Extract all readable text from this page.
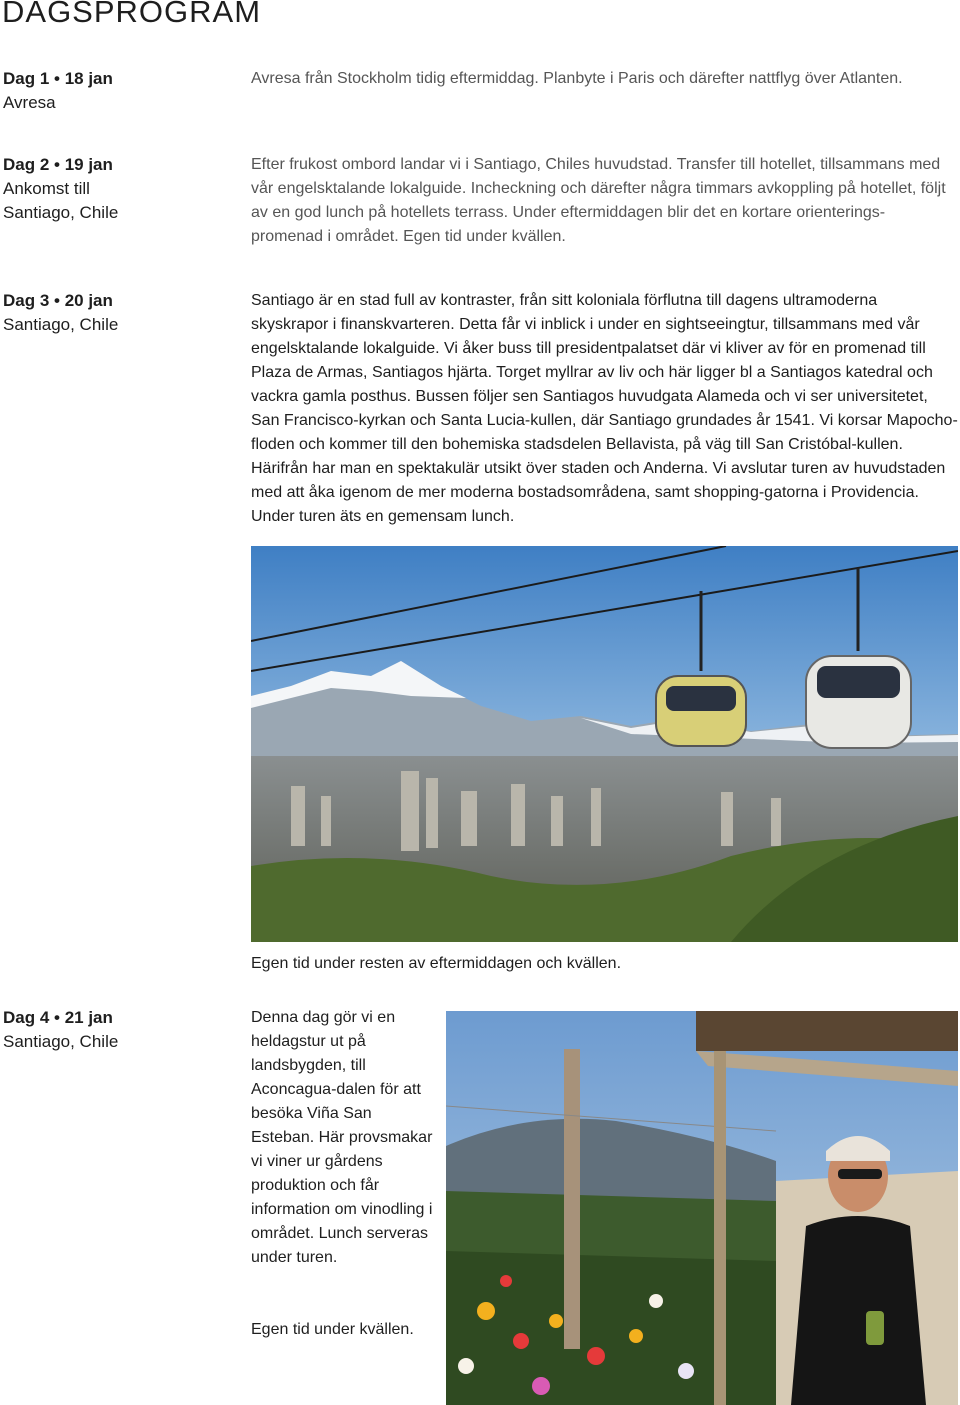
DAGSPROGRAM
Dag 1 • 18 jan
Avresa

Avresa från Stockholm tidig eftermiddag. Planbyte i Paris och därefter nattflyg över Atlanten.

Dag 2 • 19 jan
Ankomst till
Santiago, Chile

Efter frukost ombord landar vi i Santiago, Chiles huvudstad. Transfer till hotellet, tillsammans med vår engelsktalande lokalguide. Incheckning och därefter några timmars avkoppling på hotellet, följt av en god lunch på hotellets terrass. Under eftermiddagen blir det en kortare orienterings-promenad i området. Egen tid under kvällen.

Dag 3 • 20 jan
Santiago, Chile

Santiago är en stad full av kontraster, från sitt koloniala förflutna till dagens ultramoderna skyskrapor i finanskvarteren. Detta får vi inblick i under en sightseeingtur, tillsammans med vår engelsktalande lokalguide. Vi åker buss till presidentpalatset där vi kliver av för en promenad till Plaza de Armas, Santiagos hjärta. Torget myllrar av liv och här ligger bl a Santiagos katedral och vackra gamla posthus. Bussen följer sen Santiagos huvudgata Alameda och vi ser universitetet, San Francisco-kyrkan och Santa Lucia-kullen, där Santiago grundades år 1541. Vi korsar Mapocho-floden och kommer till den bohemiska stadsdelen Bellavista, på väg till San Cristóbal-kullen. Härifrån har man en spektakulär utsikt över staden och Anderna. Vi avslutar turen av huvudstaden med att åka igenom de mer moderna bostadsområdena, samt shopping-gatorna i Providencia. Under turen äts en gemensam lunch.

Egen tid under resten av eftermiddagen och kvällen.

Dag 4 • 21 jan
Santiago, Chile

Denna dag gör vi en heldagstur ut på landsbygden, till Aconcagua-dalen för att besöka Viña San Esteban. Här provsmakar vi viner ur gårdens produktion och får information om vinodling i området. Lunch serveras under turen.

Egen tid under kvällen.
